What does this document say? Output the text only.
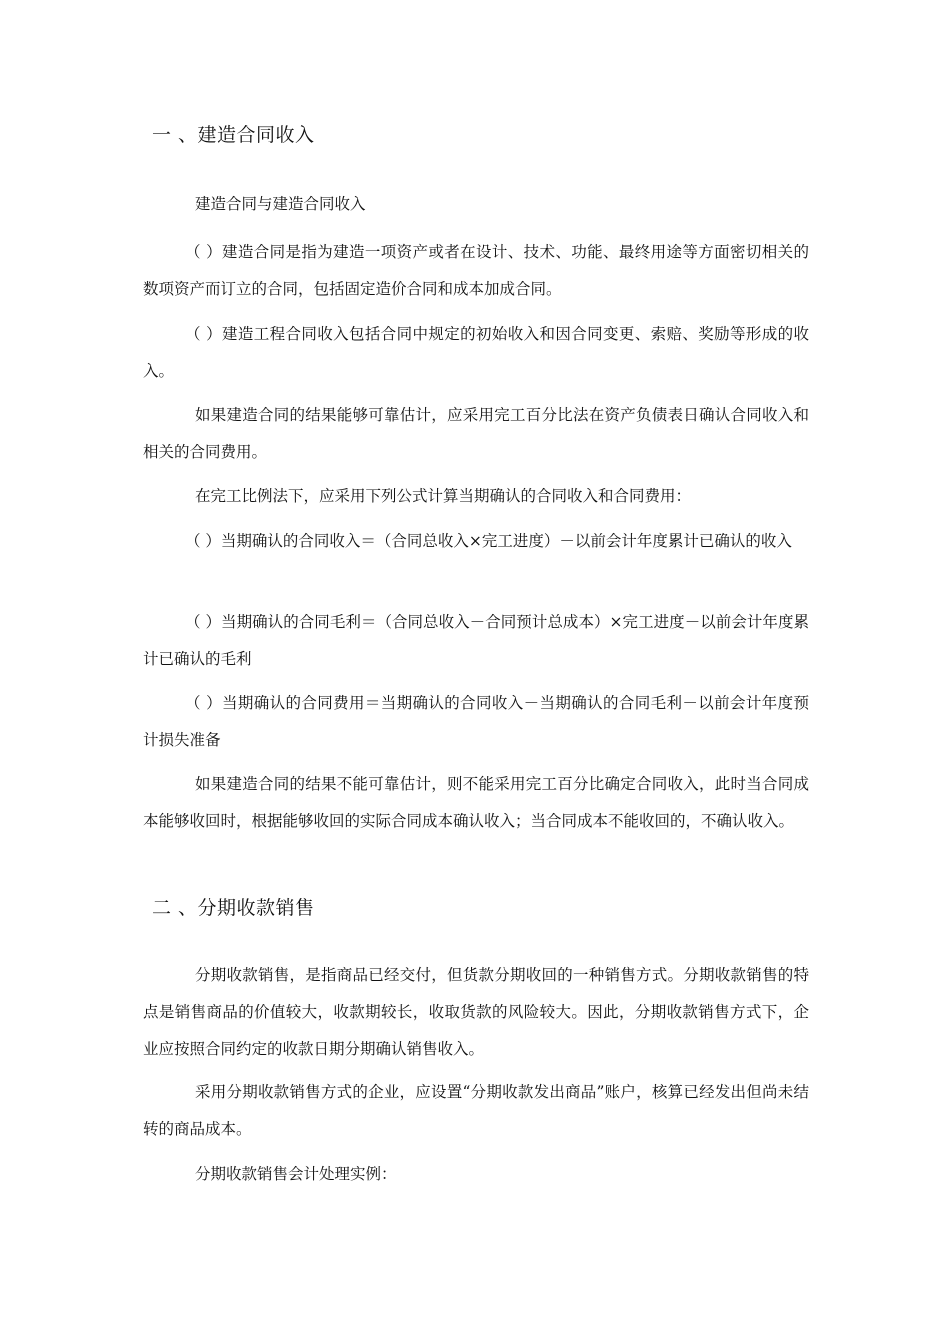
一 、建造合同收入

建造合同与建造合同收入

（ ）建造合同是指为建造一项资产或者在设计、技术、功能、最终用途等方面密切相关的数项资产而订立的合同，包括固定造价合同和成本加成合同。

（ ）建造工程合同收入包括合同中规定的初始收入和因合同变更、索赔、奖励等形成的收入。

如果建造合同的结果能够可靠估计，应采用完工百分比法在资产负债表日确认合同收入和相关的合同费用。

在完工比例法下，应采用下列公式计算当期确认的合同收入和合同费用：

（ ）当期确认的合同收入＝（合同总收入×完工进度）－以前会计年度累计已确认的收入

（ ）当期确认的合同毛利＝（合同总收入－合同预计总成本）×完工进度－以前会计年度累计已确认的毛利

（ ）当期确认的合同费用＝当期确认的合同收入－当期确认的合同毛利－以前会计年度预计损失准备

如果建造合同的结果不能可靠估计，则不能采用完工百分比确定合同收入，此时当合同成本能够收回时，根据能够收回的实际合同成本确认收入；当合同成本不能收回的，不确认收入。

二 、分期收款销售

分期收款销售，是指商品已经交付，但货款分期收回的一种销售方式。分期收款销售的特点是销售商品的价值较大，收款期较长，收取货款的风险较大。因此，分期收款销售方式下，企业应按照合同约定的收款日期分期确认销售收入。

采用分期收款销售方式的企业，应设置“分期收款发出商品”账户，核算已经发出但尚未结转的商品成本。

分期收款销售会计处理实例：
